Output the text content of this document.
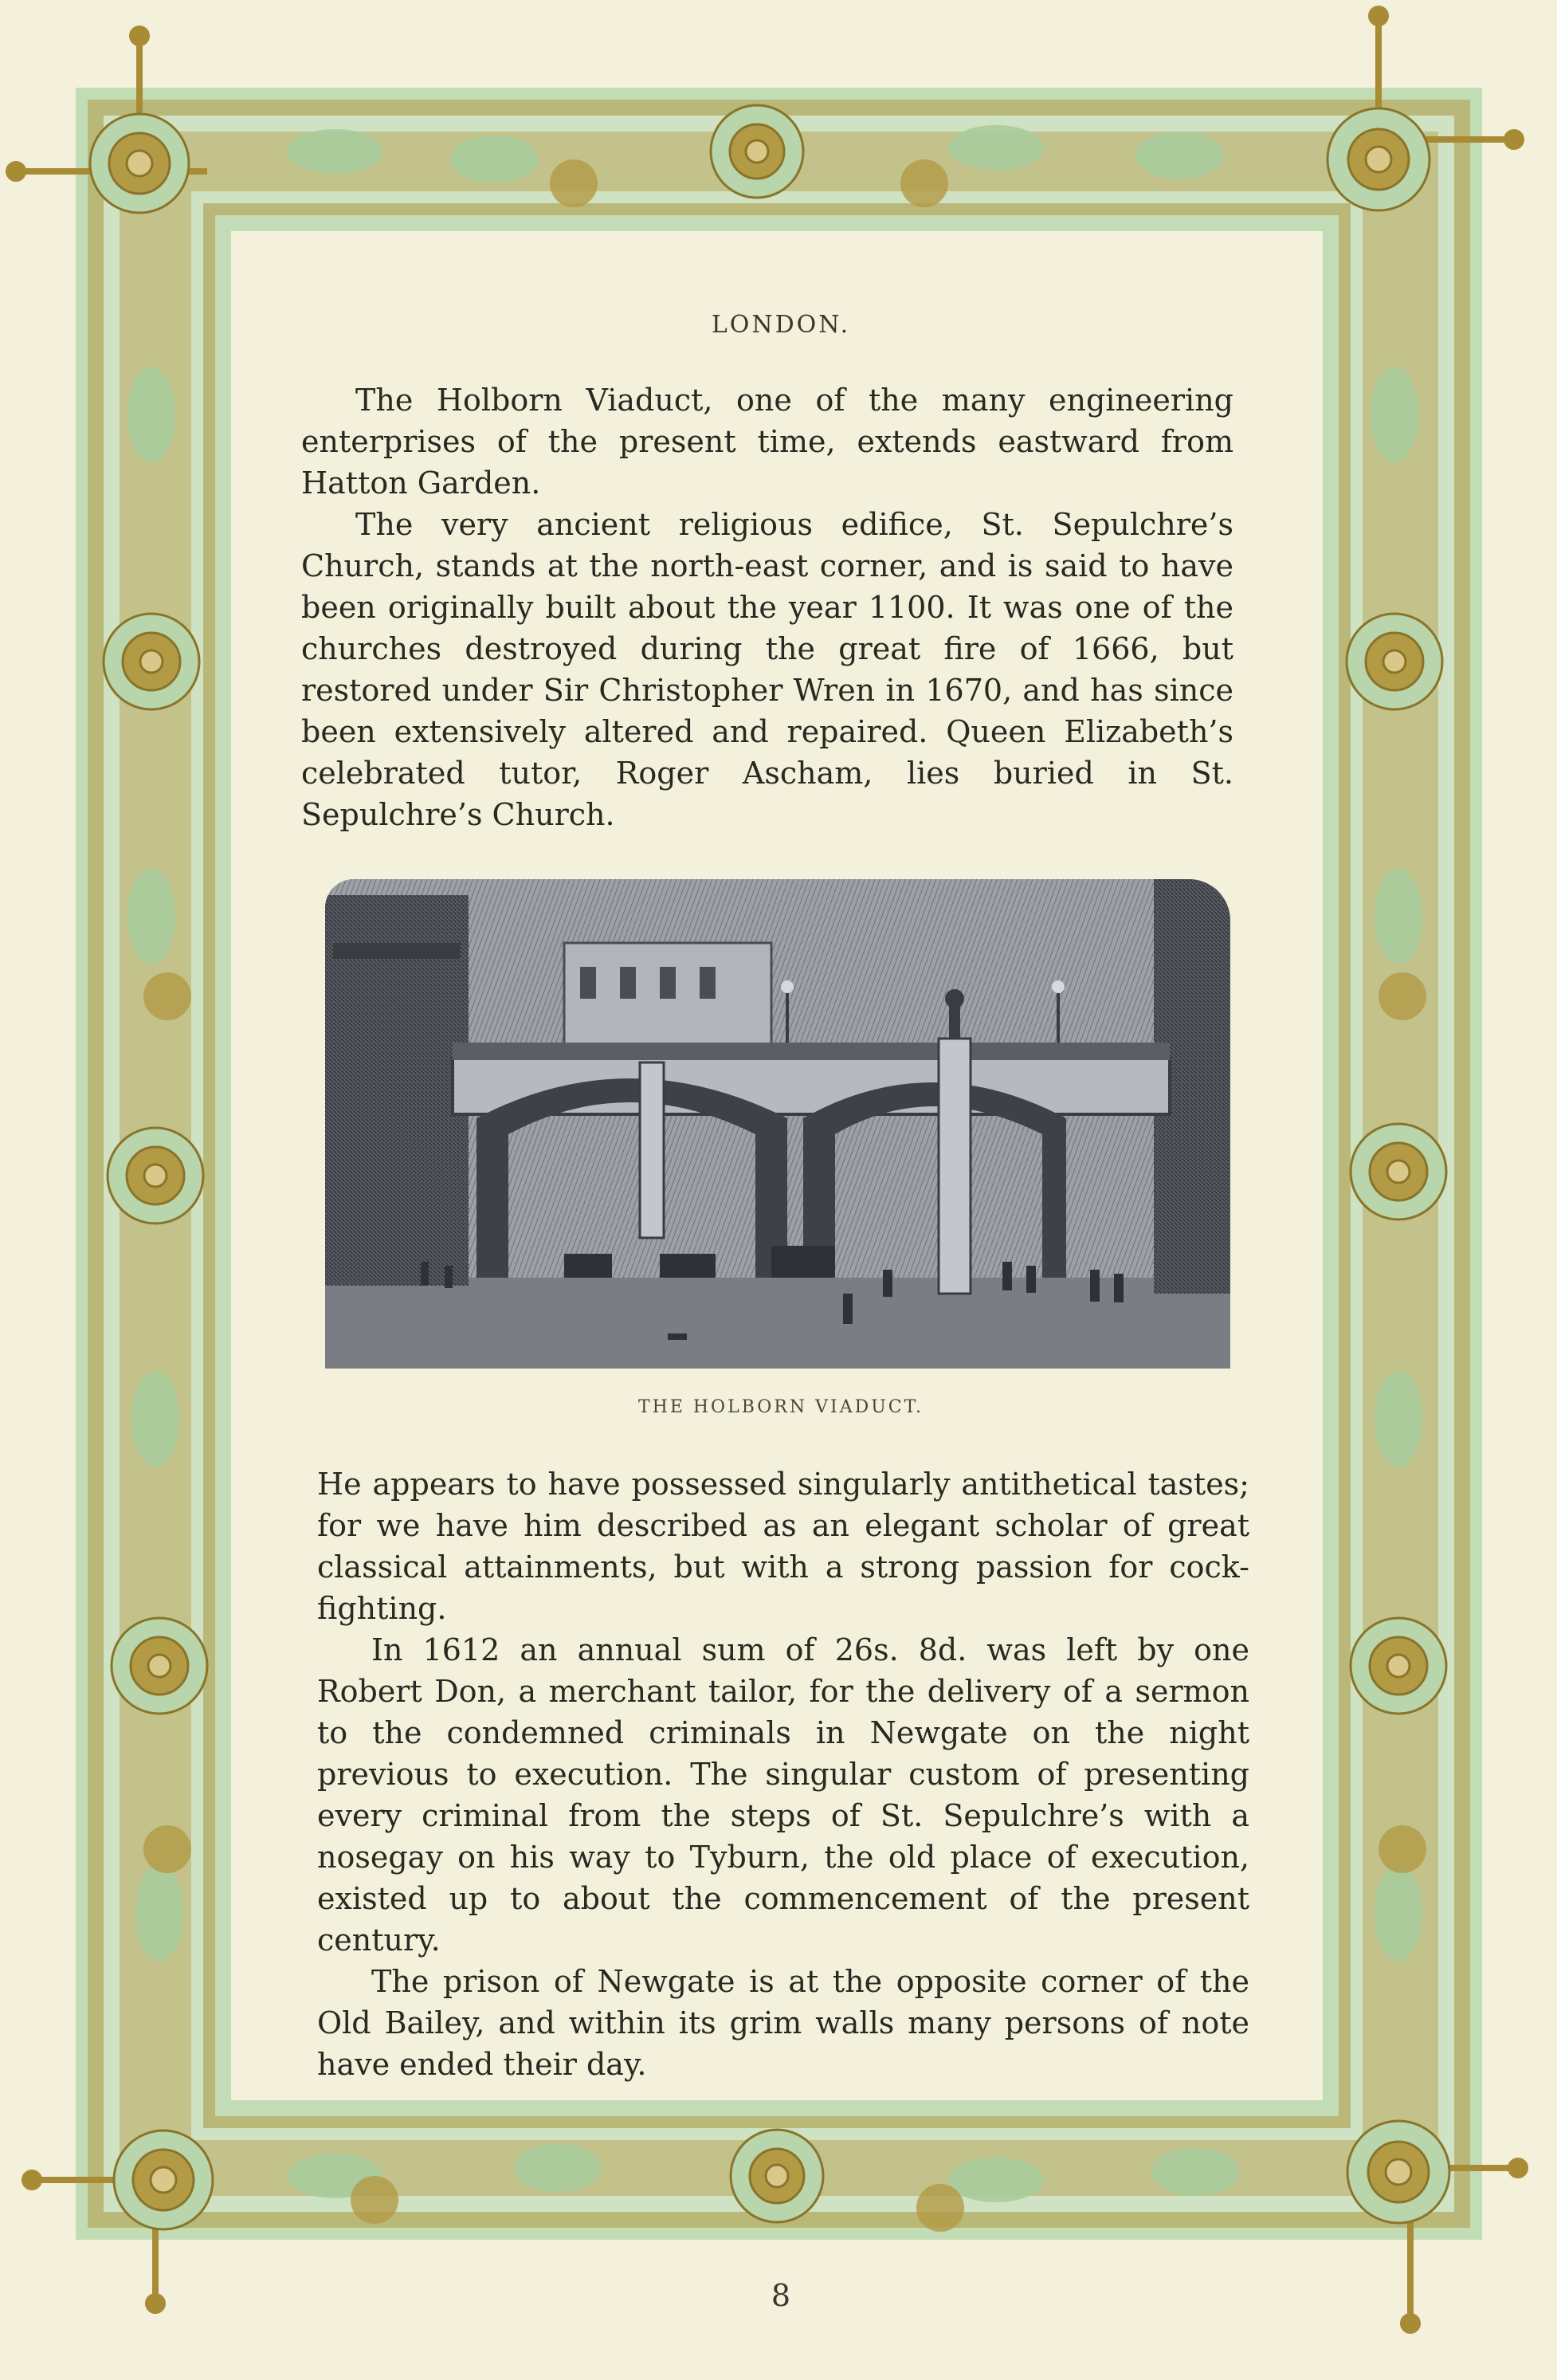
LONDON.

The Holborn Viaduct, one of the many engineering enterprises of the present time, extends eastward from Hatton Garden.

The very ancient religious edifice, St. Sepulchre’s Church, stands at the north-east corner, and is said to have been originally built about the year 1100. It was one of the churches destroyed during the great fire of 1666, but restored under Sir Christopher Wren in 1670, and has since been extensively altered and repaired. Queen Elizabeth’s celebrated tutor, Roger Ascham, lies buried in St. Sepulchre’s Church.

THE HOLBORN VIADUCT.

He appears to have possessed singularly antithetical tastes; for we have him described as an elegant scholar of great classical attainments, but with a strong passion for cock-fighting.

In 1612 an annual sum of 26s. 8d. was left by one Robert Don, a merchant tailor, for the delivery of a sermon to the condemned criminals in Newgate on the night previous to execution. The singular custom of presenting every criminal from the steps of St. Sepulchre’s with a nosegay on his way to Tyburn, the old place of execution, existed up to about the commencement of the present century.

The prison of Newgate is at the opposite corner of the Old Bailey, and within its grim walls many persons of note have ended their day.

8
